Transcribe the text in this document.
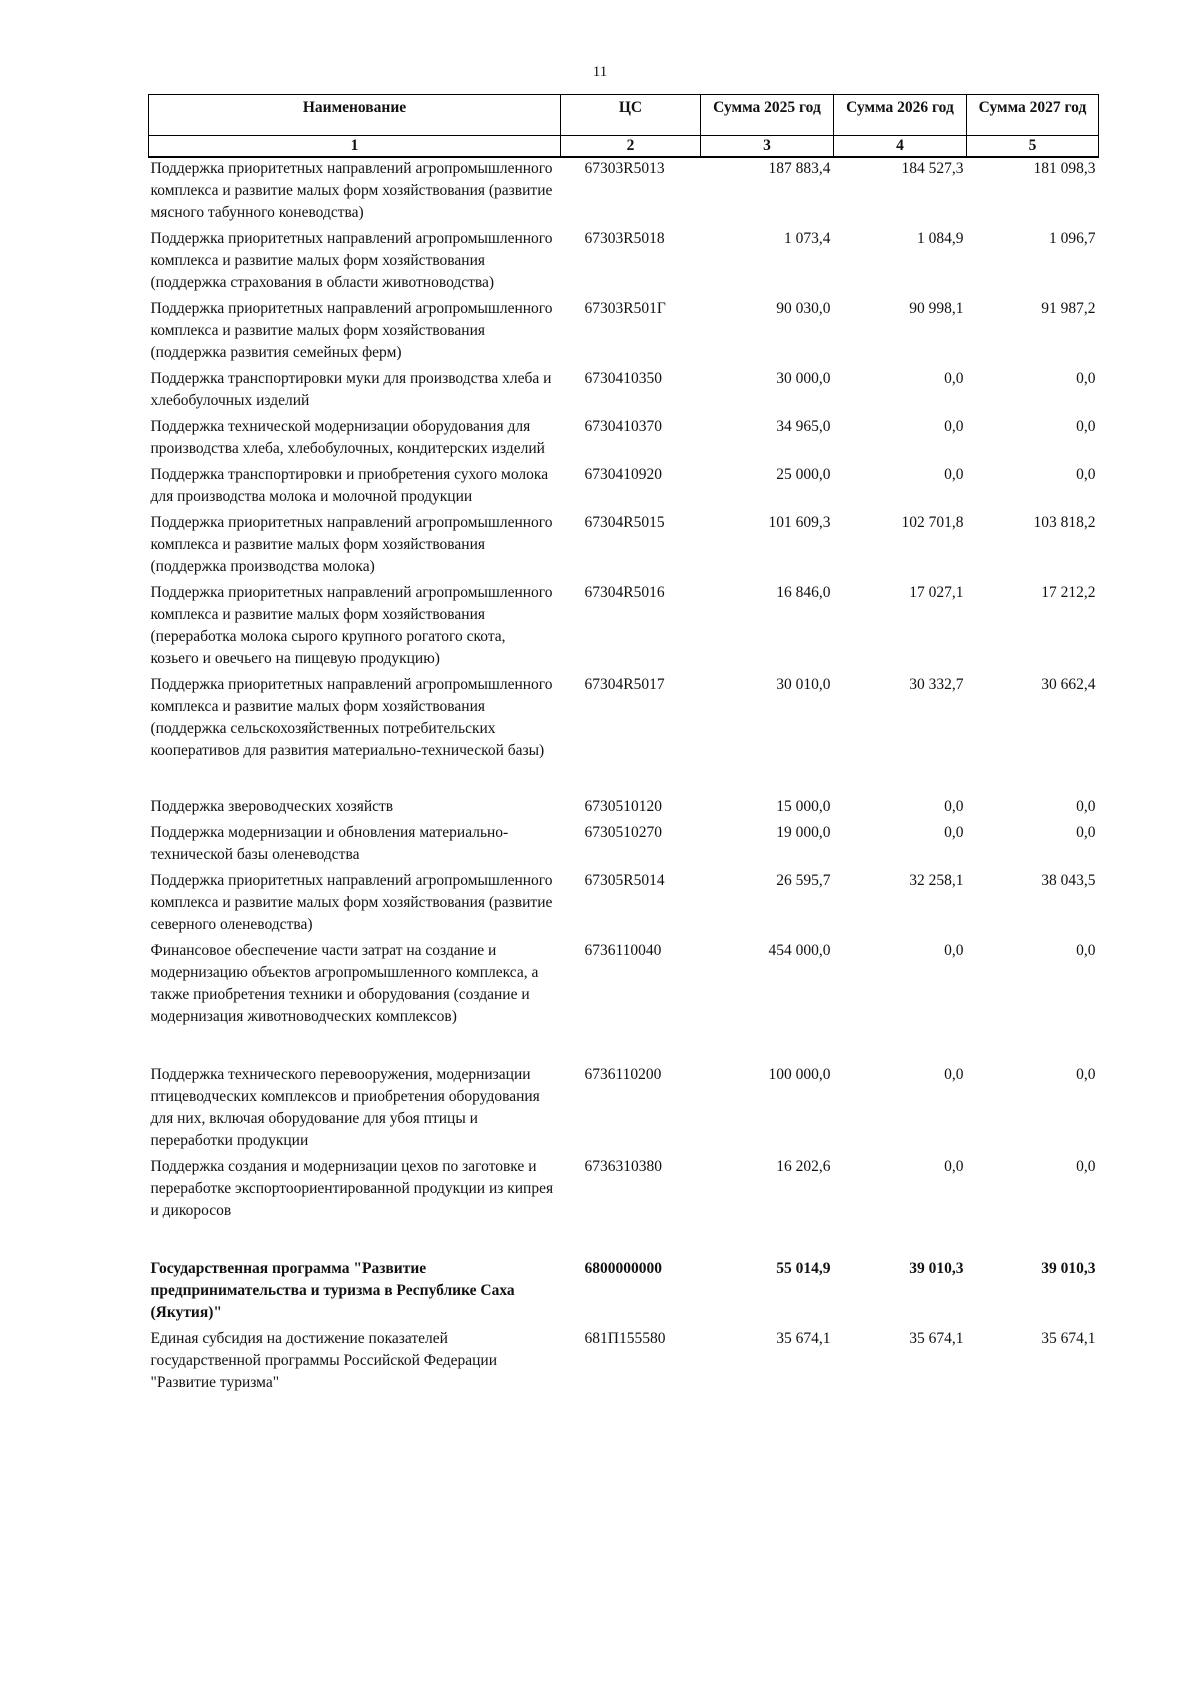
11
Наименование	ЦС	Сумма 2025 год	Сумма 2026 год	Сумма 2027 год
1	2	3	4	5
Поддержка приоритетных направлений агропромышленного комплекса и развитие малых форм хозяйствования (развитие мясного табунного коневодства)	67303R5013	187 883,4	184 527,3	181 098,3
Поддержка приоритетных направлений агропромышленного комплекса и развитие малых форм хозяйствования (поддержка страхования в области животноводства)	67303R5018	1 073,4	1 084,9	1 096,7
Поддержка приоритетных направлений агропромышленного комплекса и развитие малых форм хозяйствования (поддержка развития семейных ферм)	67303R501Г	90 030,0	90 998,1	91 987,2
Поддержка транспортировки муки для производства хлеба и хлебобулочных изделий	6730410350	30 000,0	0,0	0,0
Поддержка технической модернизации оборудования для производства хлеба, хлебобулочных, кондитерских изделий	6730410370	34 965,0	0,0	0,0
Поддержка транспортировки и приобретения сухого молока для производства молока и молочной продукции	6730410920	25 000,0	0,0	0,0
Поддержка приоритетных направлений агропромышленного комплекса и развитие малых форм хозяйствования (поддержка производства молока)	67304R5015	101 609,3	102 701,8	103 818,2
Поддержка приоритетных направлений агропромышленного комплекса и развитие малых форм хозяйствования (переработка молока сырого крупного рогатого скота, козьего и овечьего на пищевую продукцию)	67304R5016	16 846,0	17 027,1	17 212,2
Поддержка приоритетных направлений агропромышленного комплекса и развитие малых форм хозяйствования (поддержка сельскохозяйственных потребительских кооперативов для развития материально-технической базы)	67304R5017	30 010,0	30 332,7	30 662,4
Поддержка звероводческих хозяйств	6730510120	15 000,0	0,0	0,0
Поддержка модернизации и обновления материально-технической базы оленеводства	6730510270	19 000,0	0,0	0,0
Поддержка приоритетных направлений агропромышленного комплекса и развитие малых форм хозяйствования (развитие северного оленеводства)	67305R5014	26 595,7	32 258,1	38 043,5
Финансовое обеспечение части затрат на создание и модернизацию объектов агропромышленного комплекса, а также приобретения техники и оборудования (создание и модернизация животноводческих комплексов)	6736110040	454 000,0	0,0	0,0
Поддержка технического перевооружения, модернизации птицеводческих комплексов и приобретения оборудования для них, включая оборудование для убоя птицы и переработки продукции	6736110200	100 000,0	0,0	0,0
Поддержка создания и модернизации цехов по заготовке и переработке экспортоориентированной продукции из кипрея и дикоросов	6736310380	16 202,6	0,0	0,0
Государственная программа "Развитие предпринимательства и туризма в Республике Саха (Якутия)"	6800000000	55 014,9	39 010,3	39 010,3
Единая субсидия на достижение показателей государственной программы Российской Федерации "Развитие туризма"	681П155580	35 674,1	35 674,1	35 674,1
